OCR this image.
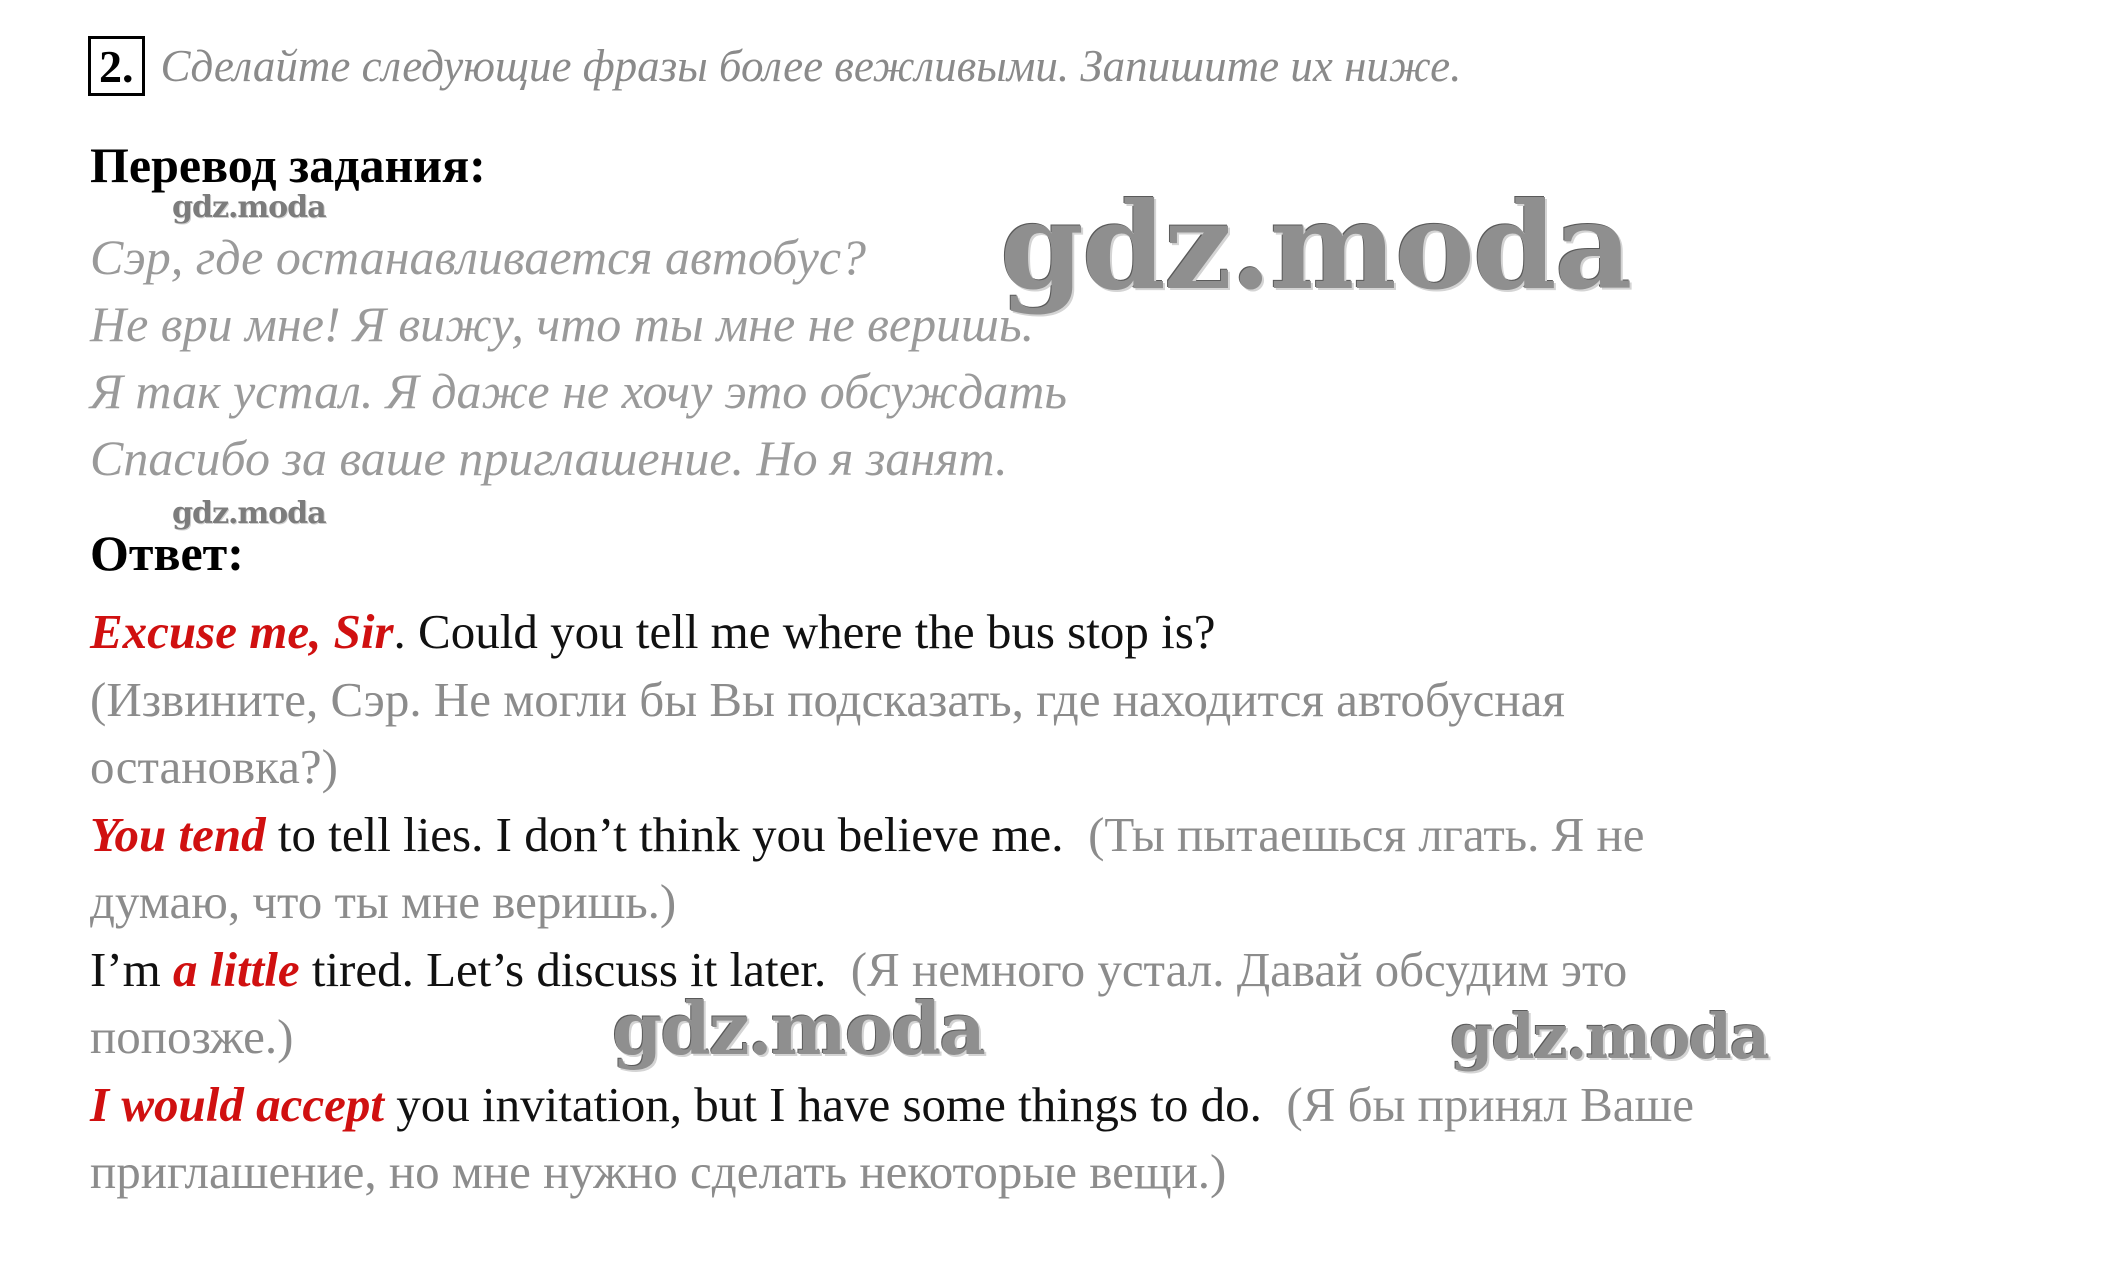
2. Сделайте следующие фразы более вежливыми. Запишите их ниже.
Перевод задания:
Сэр, где останавливается автобус?
Не ври мне! Я вижу, что ты мне не веришь.
Я так устал. Я даже не хочу это обсуждать
Спасибо за ваше приглашение. Но я занят.
Ответ:
Excuse me, Sir. Could you tell me where the bus stop is?
(Извините, Сэр. Не могли бы Вы подсказать, где находится автобусная
остановка?)
You tend to tell lies. I don’t think you believe me. (Ты пытаешься лгать. Я не
думаю, что ты мне веришь.)
I’m a little tired. Let’s discuss it later. (Я немного устал. Давай обсудим это
попозже.)
I would accept you invitation, but I have some things to do. (Я бы принял Ваше
приглашение, но мне нужно сделать некоторые вещи.)
gdz.moda	gdz.moda
gdz.moda
gdz.moda	gdz.moda
